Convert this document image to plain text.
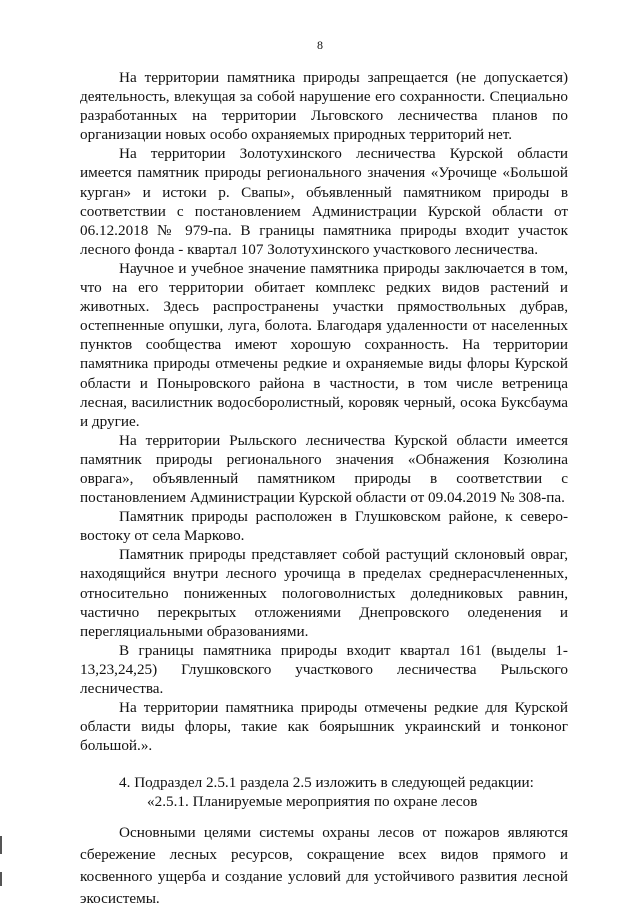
8

На территории памятника природы запрещается (не допускается) деятельность, влекущая за собой нарушение его сохранности. Специально разработанных на территории Льговского лесничества планов по организации новых особо охраняемых природных территорий нет.

На территории Золотухинского лесничества Курской области имеется памятник природы регионального значения «Урочище «Большой курган» и истоки р. Свапы», объявленный памятником природы в соответствии с постановлением Администрации Курской области от 06.12.2018 № 979-па. В границы памятника природы входит участок лесного фонда - квартал 107 Золотухинского участкового лесничества.

Научное и учебное значение памятника природы заключается в том, что на его территории обитает комплекс редких видов растений и животных. Здесь распространены участки прямоствольных дубрав, остепненные опушки, луга, болота. Благодаря удаленности от населенных пунктов сообщества имеют хорошую сохранность. На территории памятника природы отмечены редкие и охраняемые виды флоры Курской области и Поныровского района в частности, в том числе ветреница лесная, василистник водосборолистный, коровяк черный, осока Буксбаума и другие.

На территории Рыльского лесничества Курской области имеется памятник природы регионального значения «Обнажения Козюлина оврага», объявленный памятником природы в соответствии с постановлением Администрации Курской области от 09.04.2019 № 308-па.

Памятник природы расположен в Глушковском районе, к северо-востоку от села Марково.

Памятник природы представляет собой растущий склоновый овраг, находящийся внутри лесного урочища в пределах среднерасчлененных, относительно пониженных пологоволнистых доледниковых равнин, частично перекрытых отложениями Днепровского оледенения и перегляциальными образованиями.

В границы памятника природы входит квартал 161 (выделы 1-13,23,24,25) Глушковского участкового лесничества Рыльского лесничества.

На территории памятника природы отмечены редкие для Курской области виды флоры, такие как боярышник украинский и тонконог большой.».

4. Подраздел 2.5.1 раздела 2.5 изложить в следующей редакции:

«2.5.1. Планируемые мероприятия по охране лесов

Основными целями системы охраны лесов от пожаров являются сбережение лесных ресурсов, сокращение всех видов прямого и косвенного ущерба и создание условий для устойчивого развития лесной экосистемы.
